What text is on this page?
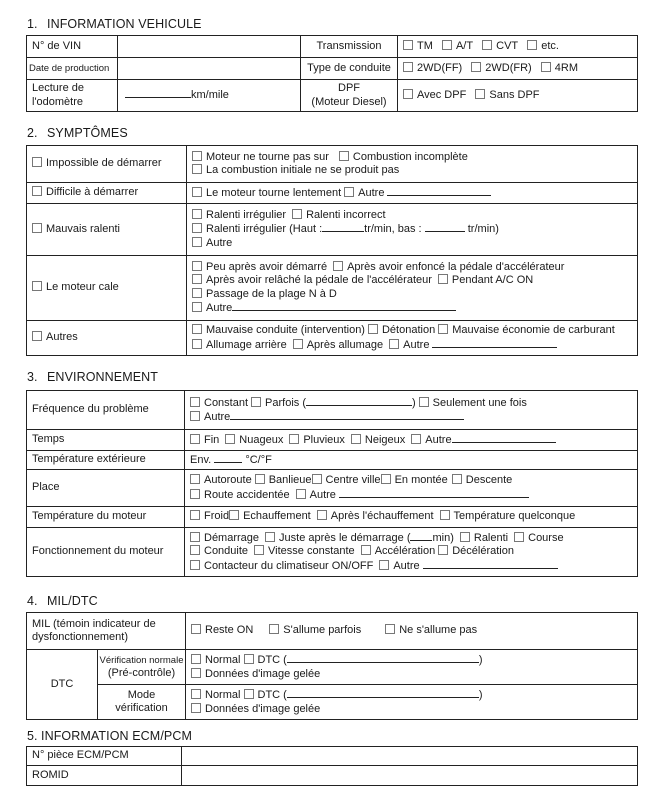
1. INFORMATION VEHICULE
N° de VIN		Transmission	TM A/T CVT etc.
Date de production		Type de conduite	2WD(FF) 2WD(FR) 4RM

Lecture de
l'odomètre	km/mile	DPF
(Moteur Diesel)	Avec DPF Sans DPF
2. SYMPTÔMES
Impossible de démarrer	Moteur ne tourne pas sur Combustion incomplète
La combustion initiale ne se produit pas

Difficile à démarrer	Le moteur tourne lentement Autre
Mauvais ralenti	Ralenti irrégulier Ralenti incorrect
Ralenti irrégulier (Haut : tr/min, bas : tr/min)
Autre

Le moteur cale	Peu après avoir démarré Après avoir enfoncé la pédale d'accélérateur
Après avoir relâché la pédale de l'accélérateur Pendant A/C ON
Passage de la plage N à D
Autre

Autres	Mauvaise conduite (intervention) Détonation Mauvaise économie de carburant
Allumage arrière Après allumage Autre
3. ENVIRONNEMENT
Fréquence du problème	Constant Parfois ( ) Seulement une fois
Autre

Temps	Fin Nuageux Pluvieux Neigeux Autre
Température extérieure	Env. °C/°F
Place	Autoroute Banlieue Centre ville En montée Descente
Route accidentée Autre

Température du moteur	Froid Echauffement Après l'échauffement Température quelconque
Fonctionnement du moteur	Démarrage Juste après le démarrage ( min) Ralenti Course
Conduite Vitesse constante Accélération Décélération
Contacteur du climatiseur ON/OFF Autre
4. MIL/DTC
MIL (témoin indicateur de
dysfonctionnement)		Reste ON S'allume parfois Ne s'allume pas
DTC	Vérification normale
(Pré-contrôle)	Normal DTC ( )
Données d'image gelée

	Mode
vérification	Normal DTC ( )
Données d'image gelée
5. INFORMATION ECM/PCM
N° pièce ECM/PCM	
ROMID	
